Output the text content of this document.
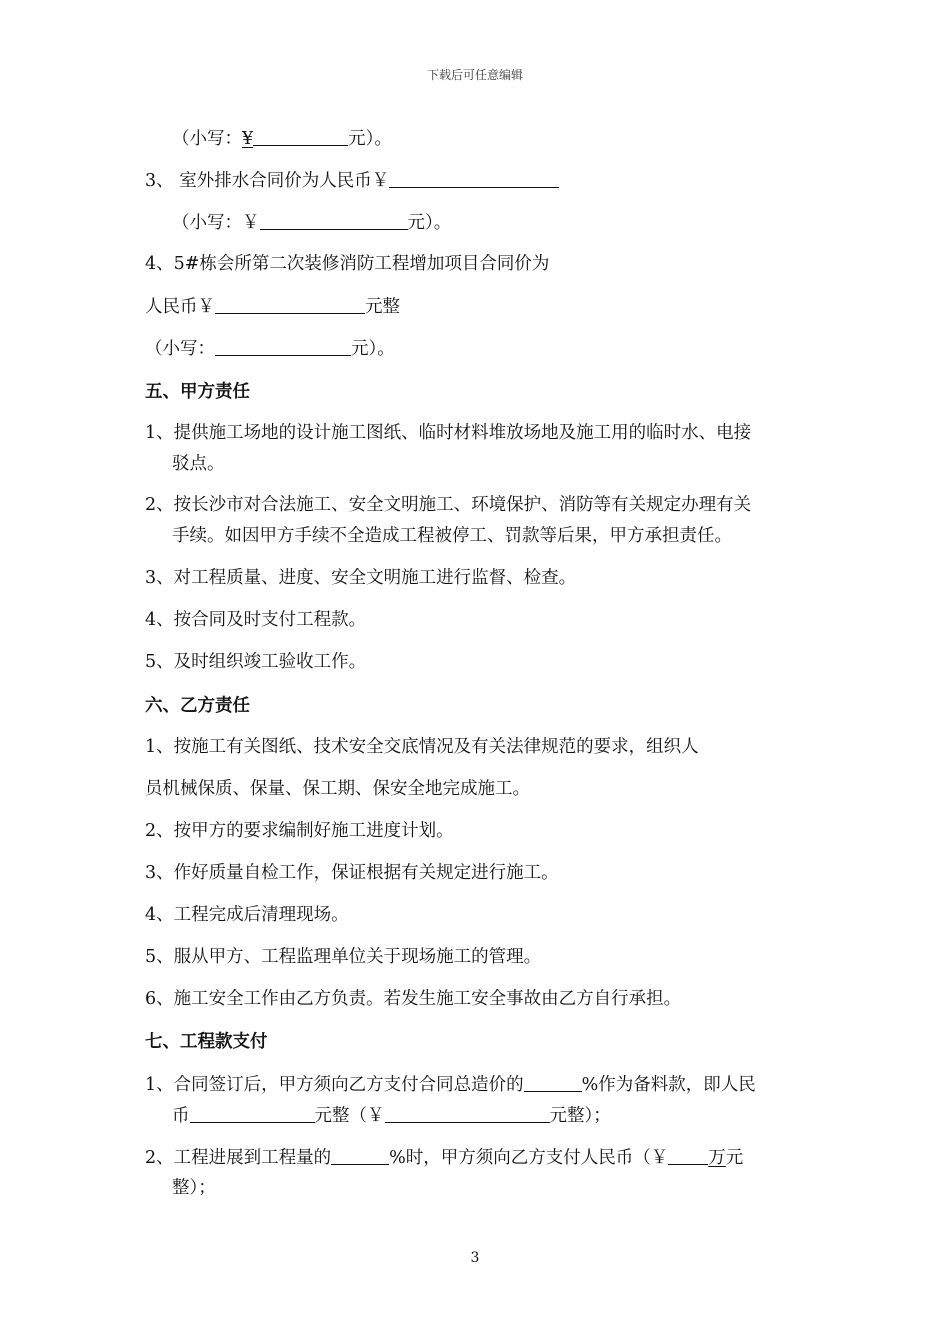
下载后可任意编辑
（小写：¥	元）。
3、 室外排水合同价为人民币￥
（小写：￥	元）。
4、5#栋会所第二次装修消防工程增加项目合同价为
人民币￥	元整
（小写：	元）。
五、甲方责任
1、提供施工场地的设计施工图纸、临时材料堆放场地及施工用的临时水、电接
驳点。
2、按长沙市对合法施工、安全文明施工、环境保护、消防等有关规定办理有关
手续。如因甲方手续不全造成工程被停工、罚款等后果，甲方承担责任。
3、对工程质量、进度、安全文明施工进行监督、检查。
4、按合同及时支付工程款。
5、及时组织竣工验收工作。
六、乙方责任
1、按施工有关图纸、技术安全交底情况及有关法律规范的要求，组织人
员机械保质、保量、保工期、保安全地完成施工。
2、按甲方的要求编制好施工进度计划。
3、作好质量自检工作，保证根据有关规定进行施工。
4、工程完成后清理现场。
5、服从甲方、工程监理单位关于现场施工的管理。
6、施工安全工作由乙方负责。若发生施工安全事故由乙方自行承担。
七、工程款支付
1、合同签订后，甲方须向乙方支付合同总造价的	%作为备料款，即人民
币	元整（￥	元整）；
2、工程进展到工程量的	%时，甲方须向乙方支付人民币（￥ 万元
整）；
3
